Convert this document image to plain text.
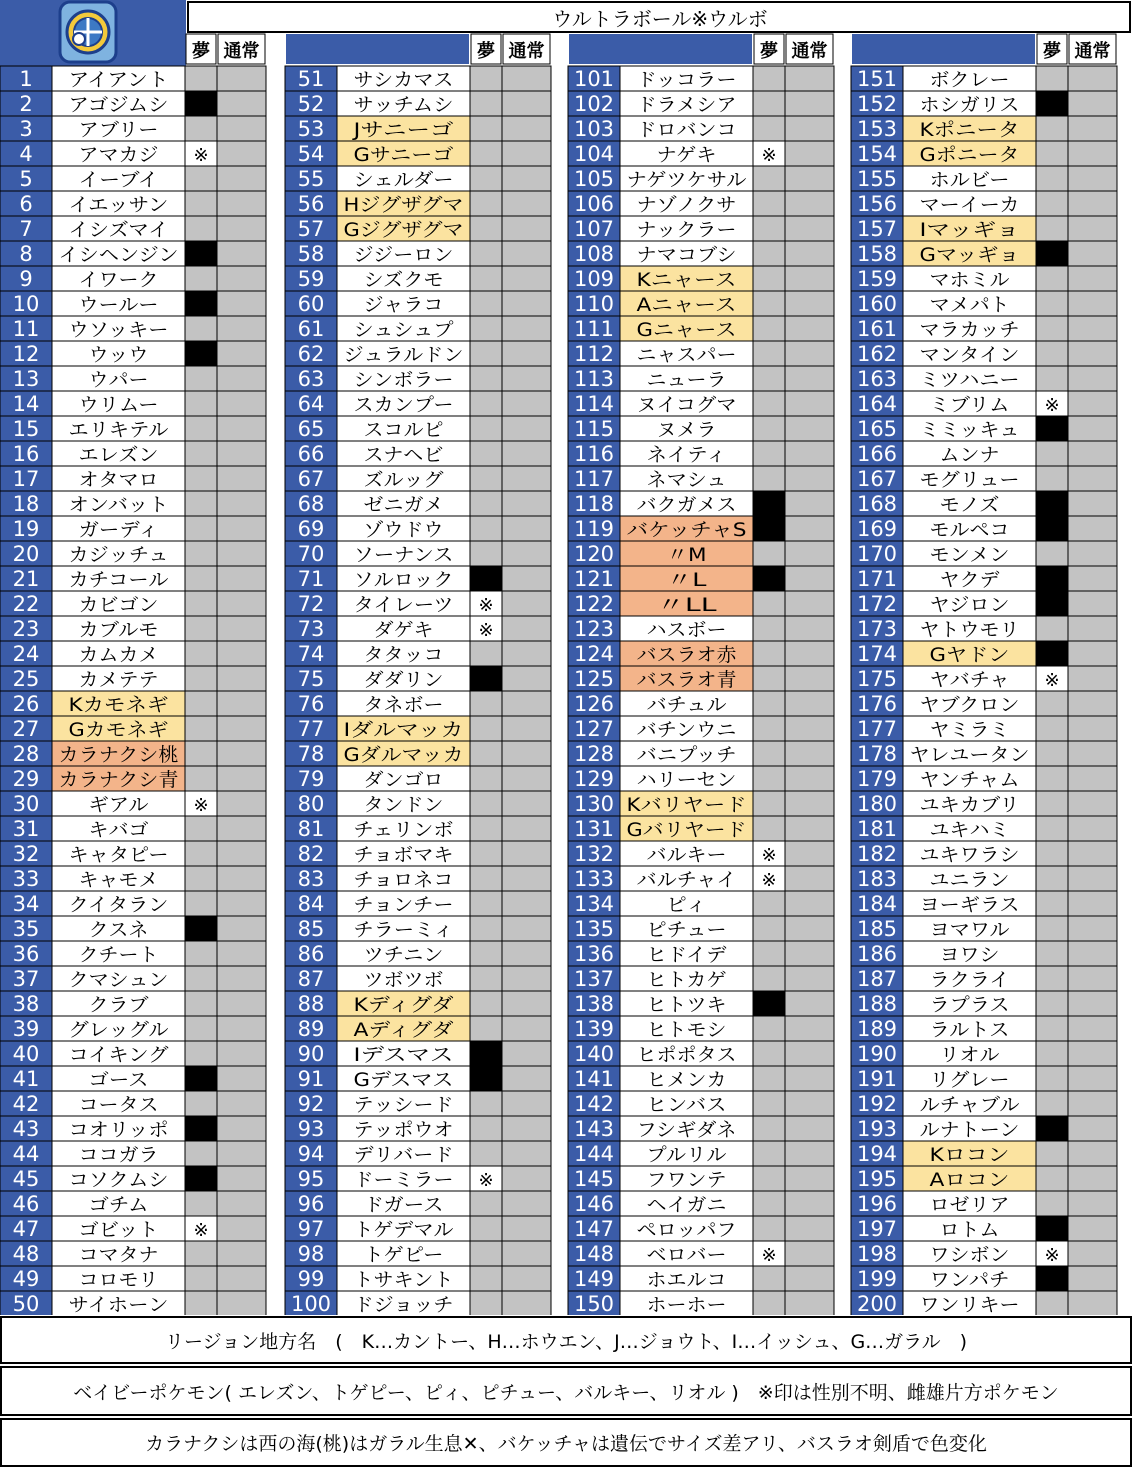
ウルトラボール※ウルボ
夢 通常	夢 通常	夢 通常	夢 通常
1 アイアント
2 アゴジムシ
3 アブリー
4 アマカジ ※
5 イーブイ
6 イエッサン
7 イシズマイ
8 イシヘンジン
9 イワーク
10 ウールー
11 ウソッキー
12	ウッウ
13	ウパー
14 ウリムー
15 エリキテル
16 エレズン
17 オタマロ
18 オンバット
19 ガーディ
20 カジッチュ
21 カチコール
22 カビゴン
23 カブルモ
24 カムカメ
25 カメテテ
26 Kカモネギ
27 Gカモネギ
28 カラナクシ桃
29 カラナクシ青
30	ギアル ※
31	キバゴ
32 キャタピー
33 キャモメ
34 クイタラン
35	クスネ
36 クチート
37 クマシュン
38	クラブ
39 グレッグル
40 コイキング
41	ゴース
42 コータス
43 コオリッポ
44 ココガラ
45 コソクムシ
46	ゴチム
47 ゴビット ※
48 コマタナ
49 コロモリ
50 サイホーン
51 サシカマス
52 サッチムシ
53 Jサニーゴ
54 Gサニーゴ
55 シェルダー
56 Hジグザグマ
57 Gジグザグマ
58 ジジーロン
59 シズクモ
60 ジャラコ
61 シュシュプ
62 ジュラルドン
63 シンボラー
64 スカンプー
65 スコルピ
66 スナヘビ
67 ズルッグ
68 ゼニガメ
69 ゾウドウ
70 ソーナンス
71 ソルロック
72 タイレーツ ※
73	ダゲキ ※
74 タタッコ
75 ダダリン
76 タネボー
77 Iダルマッカ
78 Gダルマッカ
79 ダンゴロ
80 タンドン
81 チェリンボ
82 チョボマキ
83 チョロネコ
84 チョンチー
85 チラーミィ
86 ツチニン
87 ツボツボ
88 Kディグダ
89 Aディグダ
90 Iデスマス
91 Gデスマス
92 テッシード
93 テッポウオ
94 デリバード
95 ドーミラー ※
96 ドガース
97 トゲデマル
98 トゲピー
99 トサキント
100 ドジョッチ
101 ドッコラー
102 ドラメシア
103 ドロバンコ
104 ナゲキ ※
105 ナゲツケサル
106 ナゾノクサ
107 ナックラー
108 ナマコブシ
109 Kニャース
110 Aニャース
111 Gニャース
112 ニャスパー
113 ニューラ
114 ヌイコグマ
115 ヌメラ
116 ネイティ
117 ネマシュ
118 バクガメス
119 バケッチャS
120	〃M
121	〃L
122 〃LL
123 ハスボー
124 バスラオ赤
125 バスラオ青
126 バチュル
127 バチンウニ
128 バニプッチ
129 ハリーセン
130 Kバリヤード
131 Gバリヤード
132 バルキー ※
133 バルチャイ ※
134	ピィ
135 ピチュー
136 ヒドイデ
137 ヒトカゲ
138 ヒトツキ
139 ヒトモシ
140 ヒポポタス
141 ヒメンカ
142 ヒンバス
143 フシギダネ
144 プルリル
145 フワンテ
146 ヘイガニ
147 ペロッパフ
148 ベロバー ※
149 ホエルコ
150 ホーホー
151 ボクレー
152 ホシガリス
153 Kポニータ
154 Gポニータ
155 ホルビー
156 マーイーカ
157 Iマッギョ
158 Gマッギョ
159 マホミル
160 マメパト
161 マラカッチ
162 マンタイン
163 ミツハニー
164 ミブリム ※
165 ミミッキュ
166 ムンナ
167 モグリュー
168 モノズ
169 モルペコ
170 モンメン
171 ヤクデ
172 ヤジロン
173 ヤトウモリ
174 Gヤドン
175 ヤバチャ ※
176 ヤブクロン
177 ヤミラミ
178 ヤレユータン
179 ヤンチャム
180 ユキカブリ
181 ユキハミ
182 ユキワラシ
183 ユニラン
184 ヨーギラス
185 ヨマワル
186 ヨワシ
187 ラクライ
188 ラプラス
189 ラルトス
190 リオル
191 リグレー
192 ルチャブル
193 ルナトーン
194 Kロコン
195 Aロコン
196 ロゼリア
197 ロトム
198 ワシボン ※
199 ワンパチ
200 ワンリキー
リージョン地方名　(　K…カントー、H…ホウエン、J…ジョウト、I…イッシュ、G…ガラル　)
ベイビーポケモン( エレズン、トゲピー、ピィ、ピチュー、バルキー、リオル )　※印は性別不明、雌雄片方ポケモン
カラナクシは西の海(桃)はガラル生息✕、バケッチャは遺伝でサイズ差アリ、バスラオ剣盾で色変化
